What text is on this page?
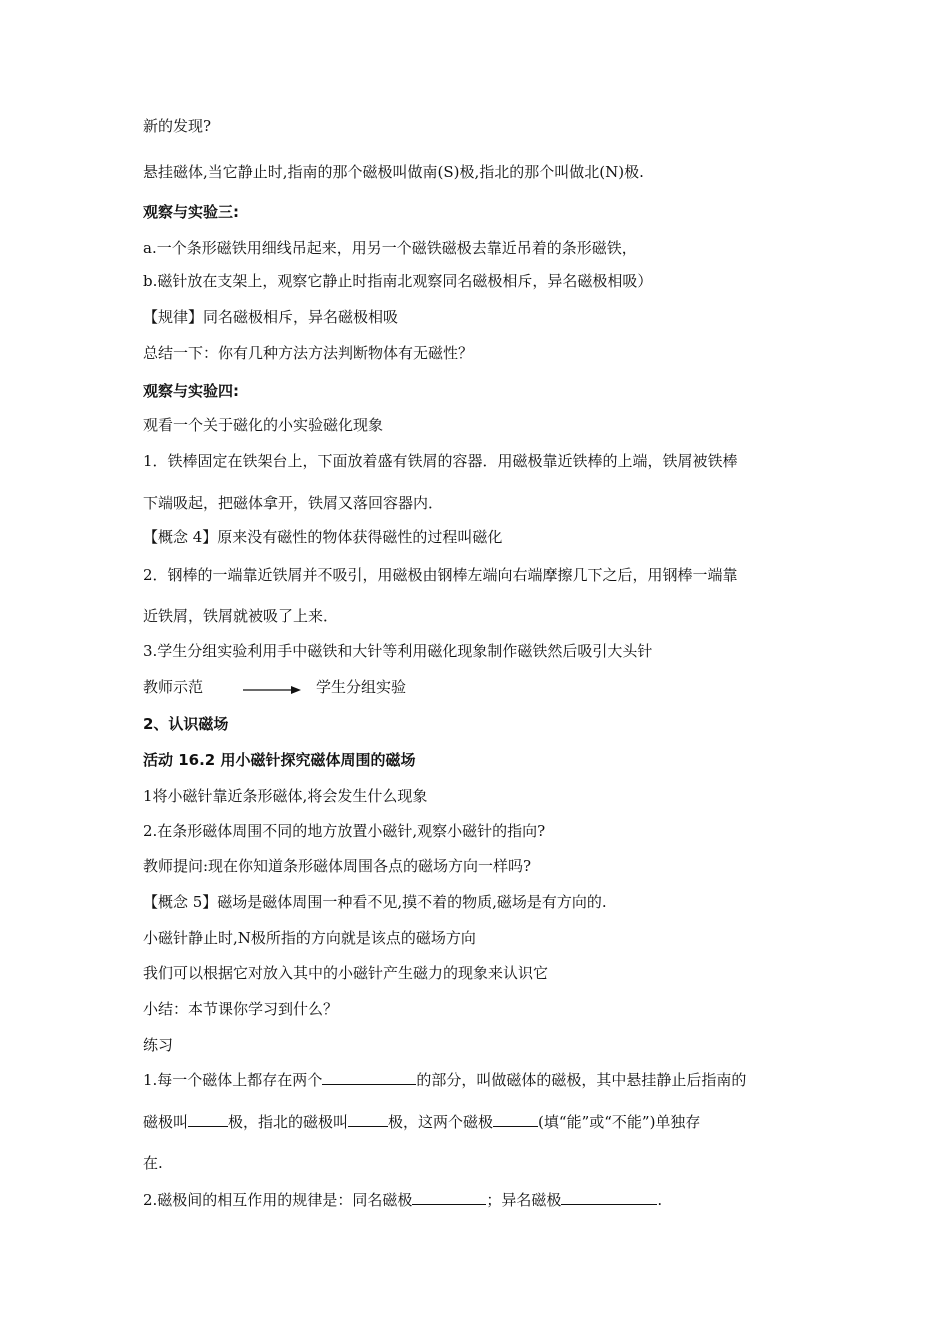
新的发现?
悬挂磁体,当它静止时,指南的那个磁极叫做南(S)极,指北的那个叫做北(N)极.
观察与实验三:
a.一个条形磁铁用细线吊起来，用另一个磁铁磁极去靠近吊着的条形磁铁，
b.磁针放在支架上，观察它静止时指南北观察同名磁极相斥，异名磁极相吸）
【规律】同名磁极相斥，异名磁极相吸
总结一下：你有几种方法方法判断物体有无磁性？
观察与实验四:
观看一个关于磁化的小实验磁化现象
1．铁棒固定在铁架台上，下面放着盛有铁屑的容器．用磁极靠近铁棒的上端，铁屑被铁棒
下端吸起，把磁体拿开，铁屑又落回容器内．
【概念 4】原来没有磁性的物体获得磁性的过程叫磁化
2．钢棒的一端靠近铁屑并不吸引，用磁极由钢棒左端向右端摩擦几下之后，用钢棒一端靠
近铁屑，铁屑就被吸了上来．
3.学生分组实验利用手中磁铁和大针等利用磁化现象制作磁铁然后吸引大头针
教师示范	学生分组实验
2、认识磁场
活动 16.2 用小磁针探究磁体周围的磁场
1将小磁针靠近条形磁体,将会发生什么现象
2.在条形磁体周围不同的地方放置小磁针,观察小磁针的指向?
教师提问:现在你知道条形磁体周围各点的磁场方向一样吗?
【概念 5】磁场是磁体周围一种看不见,摸不着的物质,磁场是有方向的.
小磁针静止时,N极所指的方向就是该点的磁场方向
我们可以根据它对放入其中的小磁针产生磁力的现象来认识它
小结：本节课你学习到什么？
练习
1.每一个磁体上都存在两个	的部分，叫做磁体的磁极，其中悬挂静止后指南的
磁极叫	极，指北的磁极叫	极，这两个磁极	(填“能”或“不能”)单独存
在.
2.磁极间的相互作用的规律是：同名磁极	；异名磁极	.
